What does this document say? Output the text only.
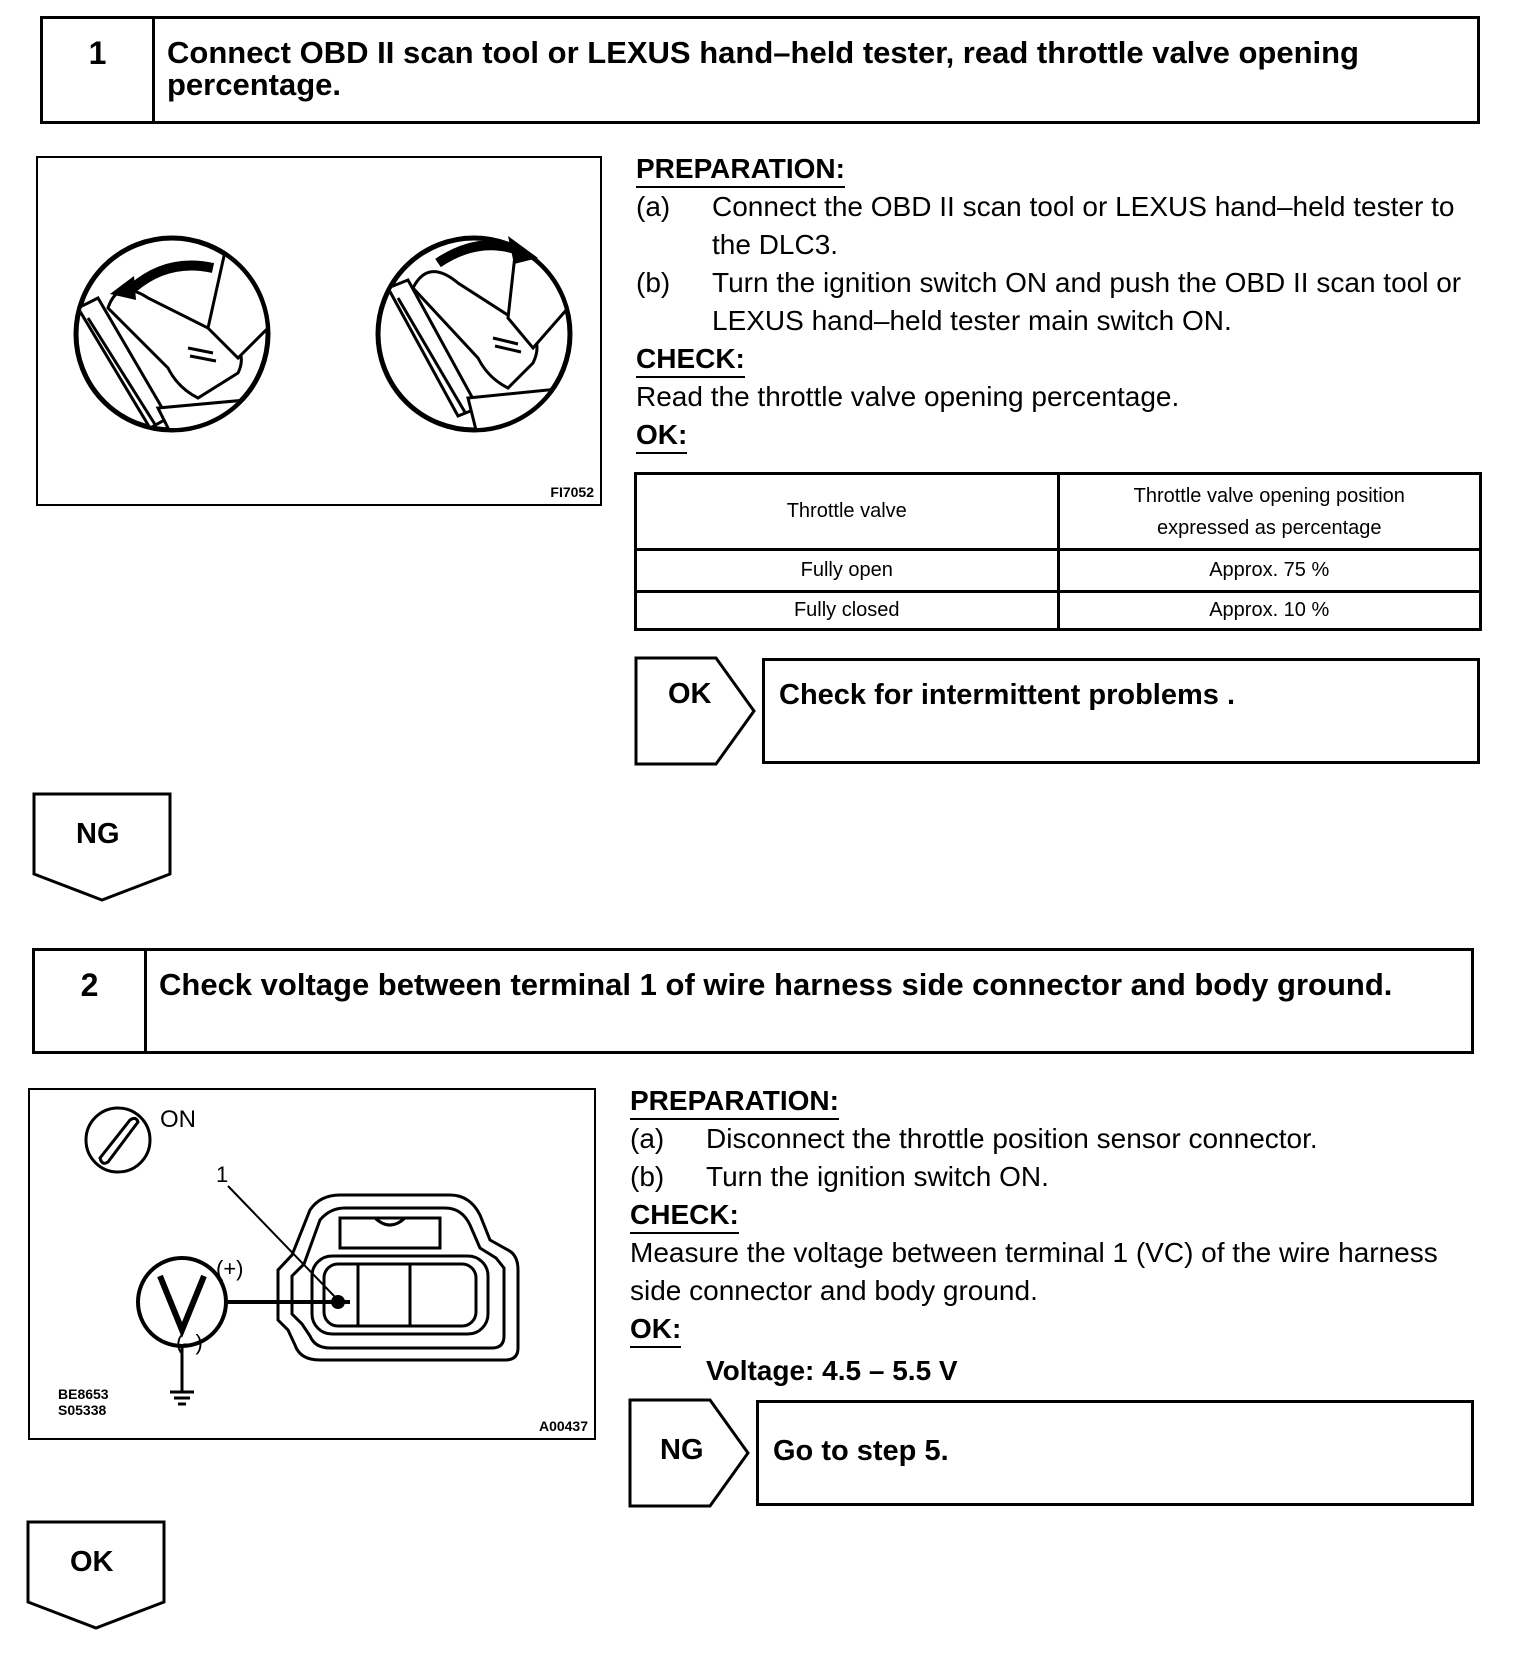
1	Connect OBD II scan tool or LEXUS hand–held tester, read throttle valve opening percentage.
FI7052
PREPARATION:
(a)	Connect the OBD II scan tool or LEXUS hand–held tester to the DLC3.
(b)	Turn the ignition switch ON and push the OBD II scan tool or LEXUS hand–held tester main switch ON.
CHECK:
Read the throttle valve opening percentage.
OK:
Throttle valve	Throttle valve opening position expressed as percentage
Fully open	Approx. 75 %
Fully closed	Approx. 10 %
OK	Check for intermittent problems .
NG
2	Check voltage between terminal 1 of wire harness side connector and body ground.
ON
1
(+)
(–)
BE8653
S05338
A00437
PREPARATION:
(a)	Disconnect the throttle position sensor connector.
(b)	Turn the ignition switch ON.
CHECK:
Measure the voltage between terminal 1 (VC) of the wire harness side connector and body ground.
OK:
Voltage: 4.5 – 5.5 V
NG	Go to step 5.
OK
